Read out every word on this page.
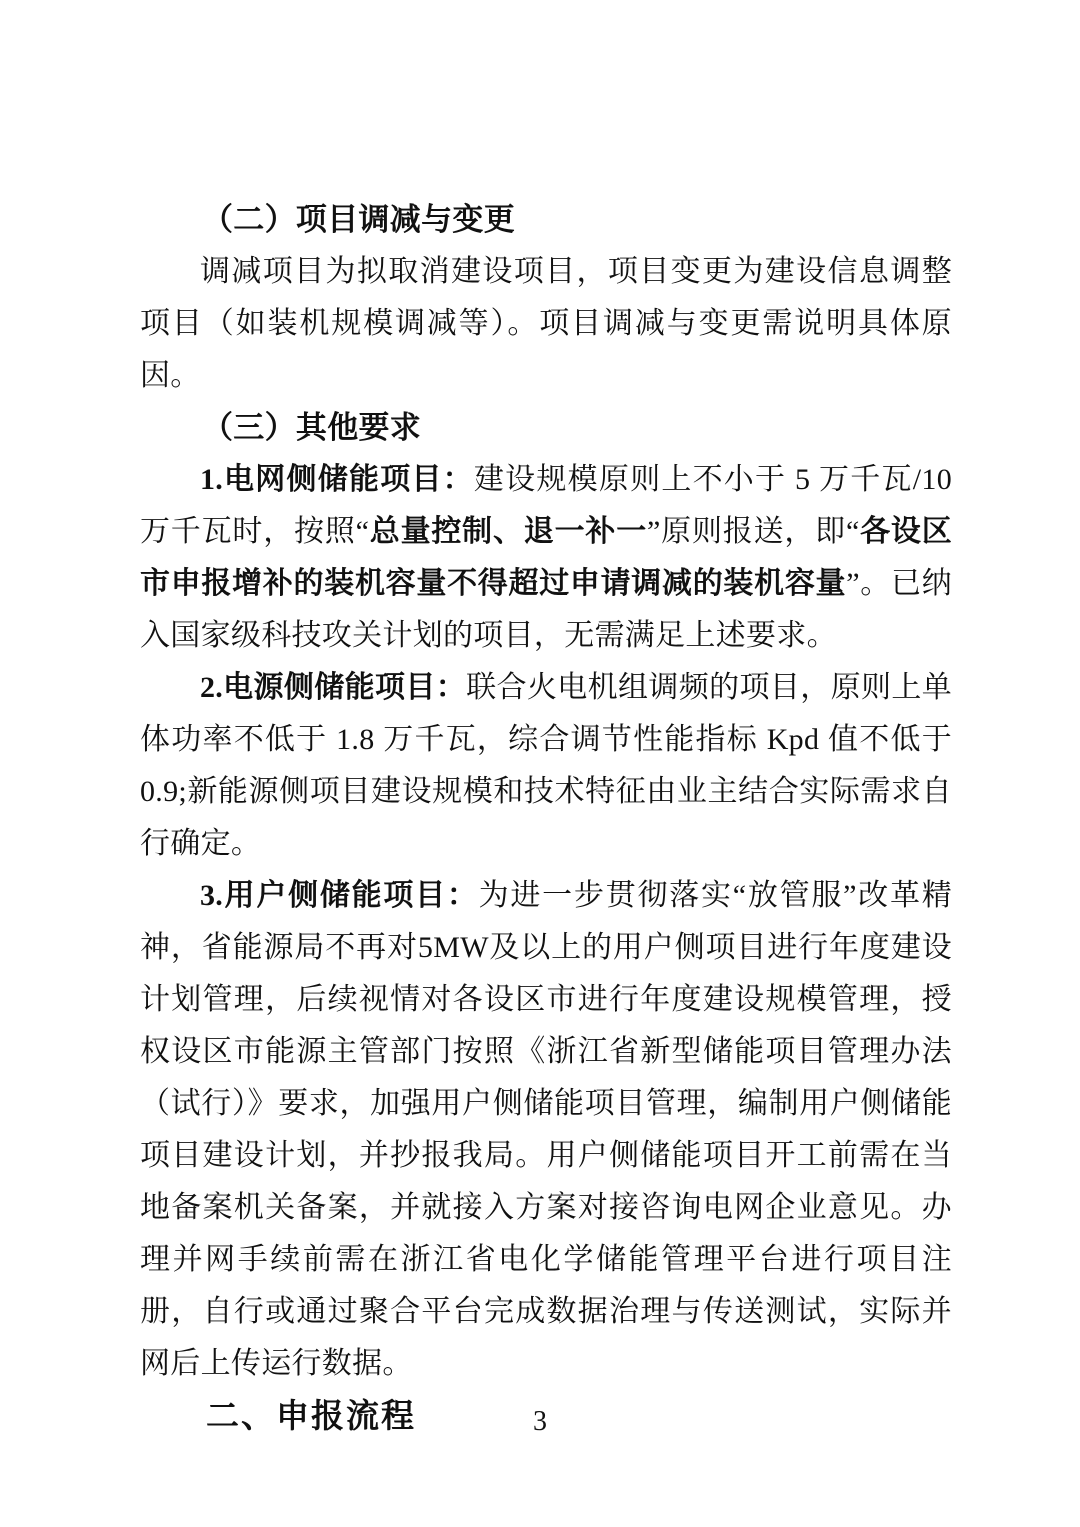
（二）项目调减与变更
调减项目为拟取消建设项目，项目变更为建设信息调整项目（如装机规模调减等）。项目调减与变更需说明具体原因。
（三）其他要求
1.电网侧储能项目：建设规模原则上不小于 5 万千瓦/10 万千瓦时，按照“总量控制、退一补一”原则报送，即“各设区市申报增补的装机容量不得超过申请调减的装机容量”。已纳入国家级科技攻关计划的项目，无需满足上述要求。
2.电源侧储能项目：联合火电机组调频的项目，原则上单体功率不低于 1.8 万千瓦，综合调节性能指标 Kpd 值不低于 0.9;新能源侧项目建设规模和技术特征由业主结合实际需求自行确定。
3.用户侧储能项目：为进一步贯彻落实“放管服”改革精神，省能源局不再对5MW及以上的用户侧项目进行年度建设计划管理，后续视情对各设区市进行年度建设规模管理，授权设区市能源主管部门按照《浙江省新型储能项目管理办法（试行）》要求，加强用户侧储能项目管理，编制用户侧储能项目建设计划，并抄报我局。用户侧储能项目开工前需在当地备案机关备案，并就接入方案对接咨询电网企业意见。办理并网手续前需在浙江省电化学储能管理平台进行项目注册，自行或通过聚合平台完成数据治理与传送测试，实际并网后上传运行数据。
二、申报流程	3
